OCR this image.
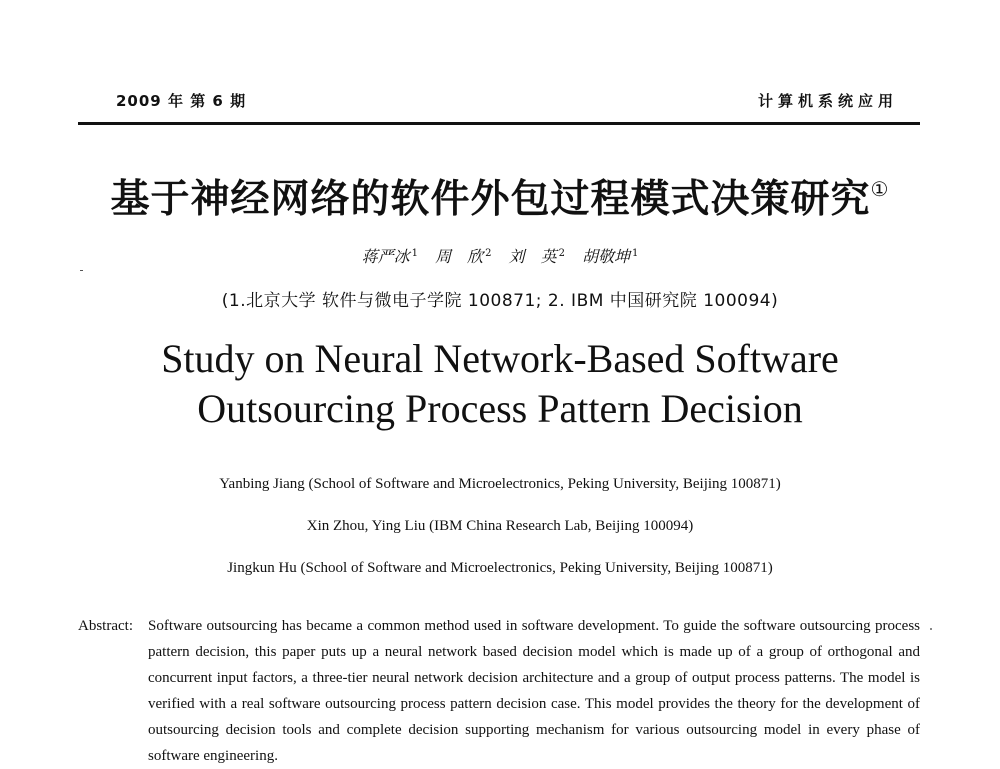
2009 年 第 6 期	计算机系统应用
基于神经网络的软件外包过程模式决策研究①
蒋严冰 $^1$ 周　欣 $^2$ 刘　英 $^2$ 胡敬坤 $^1$
(1.北京大学 软件与微电子学院 100871; 2. IBM 中国研究院 100094)
Study on Neural Network-Based Software
Outsourcing Process Pattern Decision
Yanbing Jiang (School of Software and Microelectronics, Peking University, Beijing 100871)
Xin Zhou, Ying Liu (IBM China Research Lab, Beijing 100094)
Jingkun Hu (School of Software and Microelectronics, Peking University, Beijing 100871)
Abstract: Software outsourcing has became a common method used in software development. To guide the software outsourcing process pattern decision, this paper puts up a neural network based decision model which is made up of a group of orthogonal and concurrent input factors, a three-tier neural network decision architecture and a group of output process patterns. The model is verified with a real software outsourcing process pattern decision case. This model provides the theory for the development of outsourcing decision tools and complete decision supporting mechanism for various outsourcing model in every phase of software engineering.
